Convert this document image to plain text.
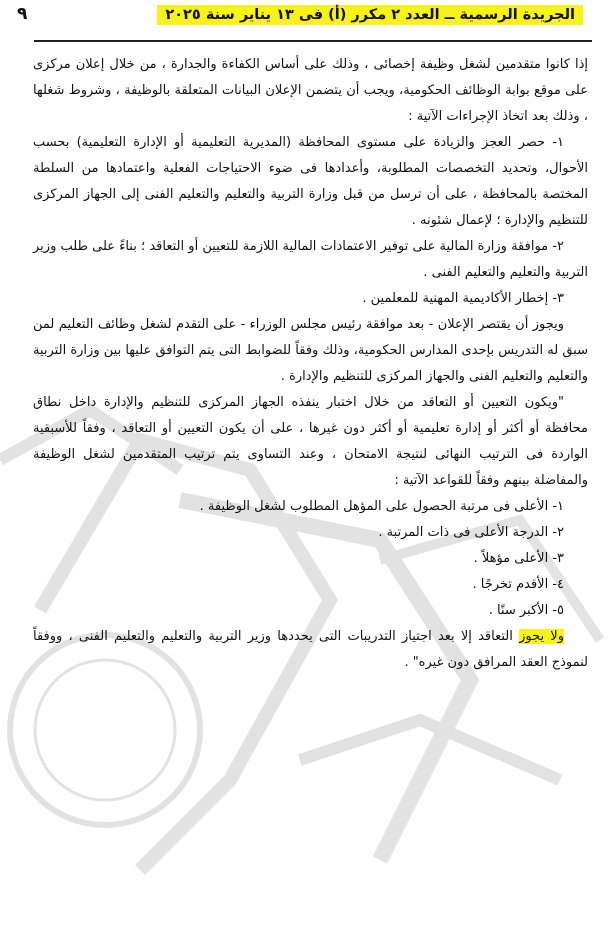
٩	الجريدة الرسمية ــ العدد ٢ مكرر (أ) فى ١٣ يناير سنة ٢٠٢٥

إذا كانوا متقدمين لشغل وظيفة إخصائى ، وذلك على أساس الكفاءة والجدارة ، من خلال إعلان مركزى على موقع بوابة الوظائف الحكومية، ويجب أن يتضمن الإعلان البيانات المتعلقة بالوظيفة ، وشروط شغلها ، وذلك بعد اتخاذ الإجراءات الآتية :

١- حصر العجز والزيادة على مستوى المحافظة (المديرية التعليمية أو الإدارة التعليمية) بحسب الأحوال، وتحديد التخصصات المطلوبة، وأعدادها فى ضوء الاحتياجات الفعلية واعتمادها من السلطة المختصة بالمحافظة ، على أن ترسل من قبل وزارة التربية والتعليم والتعليم الفنى إلى الجهاز المركزى للتنظيم والإدارة ؛ لإعمال شئونه .

٢- موافقة وزارة المالية على توفير الاعتمادات المالية اللازمة للتعيين أو التعاقد ؛ بناءً على طلب وزير التربية والتعليم والتعليم الفنى .

٣- إخطار الأكاديمية المهنية للمعلمين .

ويجوز أن يقتصر الإعلان - بعد موافقة رئيس مجلس الوزراء - على التقدم لشغل وظائف التعليم لمن سبق له التدريس بإحدى المدارس الحكومية، وذلك وفقاً للضوابط التى يتم التوافق عليها بين وزارة التربية والتعليم والتعليم الفنى والجهاز المركزى للتنظيم والإدارة .

"ويكون التعيين أو التعاقد من خلال اختبار ينفذه الجهاز المركزى للتنظيم والإدارة داخل نطاق محافظة أو أكثر أو إدارة تعليمية أو أكثر دون غيرها ، على أن يكون التعيين أو التعاقد ، وفقاً للأسبقية الواردة فى الترتيب النهائى لنتيجة الامتحان ، وعند التساوى يتم ترتيب المتقدمين لشغل الوظيفة والمفاضلة بينهم وفقاً للقواعد الآتية :

١- الأعلى فى مرتبة الحصول على المؤهل المطلوب لشغل الوظيفة .

٢- الدرجة الأعلى فى ذات المرتبة .

٣- الأعلى مؤهلاً .

٤- الأقدم تخرجًا .

٥- الأكبر سنًا .

ولا يجوز التعاقد إلا بعد اجتياز التدريبات التى يحددها وزير التربية والتعليم والتعليم الفنى ، ووفقاً لنموذج العقد المرافق دون غيره" .
